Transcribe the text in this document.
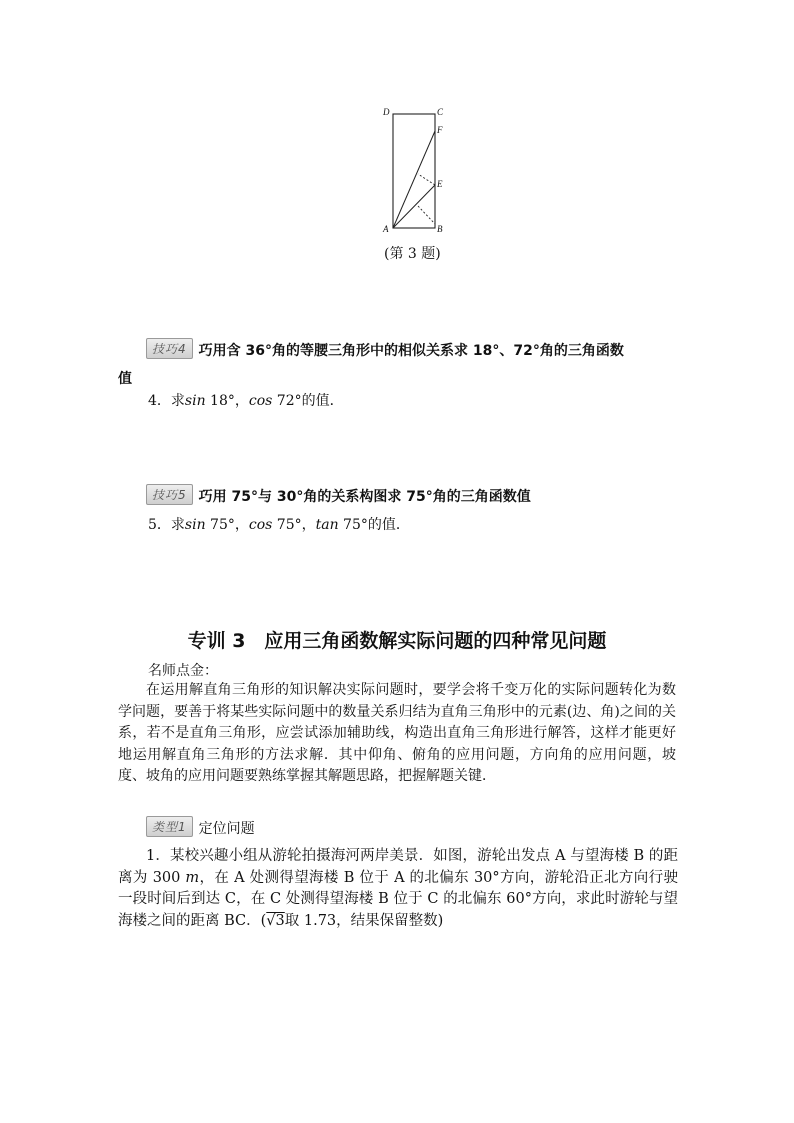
D	C
F
E
A	B
(第 3 题)
技巧4 巧用含 36°角的等腰三角形中的相似关系求 18°、72°角的三角函数
值
4．求sin 18°，cos 72°的值．
技巧5 巧用 75°与 30°角的关系构图求 75°角的三角函数值
5．求sin 75°，cos 75°，tan 75°的值．
专训 3　应用三角函数解实际问题的四种常见问题
名师点金：
在运用解直角三角形的知识解决实际问题时，要学会将千变万化的实际问题转化为数学问题，要善于将某些实际问题中的数量关系归结为直角三角形中的元素(边、角)之间的关系，若不是直角三角形，应尝试添加辅助线，构造出直角三角形进行解答，这样才能更好地运用解直角三角形的方法求解．其中仰角、俯角的应用问题，方向角的应用问题，坡度、坡角的应用问题要熟练掌握其解题思路，把握解题关键．
类型1 定位问题
1．某校兴趣小组从游轮拍摄海河两岸美景．如图，游轮出发点 A 与望海楼 B 的距离为 300 m，在 A 处测得望海楼 B 位于 A 的北偏东 30°方向，游轮沿正北方向行驶一段时间后到达 C，在 C 处测得望海楼 B 位于 C 的北偏东 60°方向，求此时游轮与望海楼之间的距离 BC．(√3取 1.73，结果保留整数)
